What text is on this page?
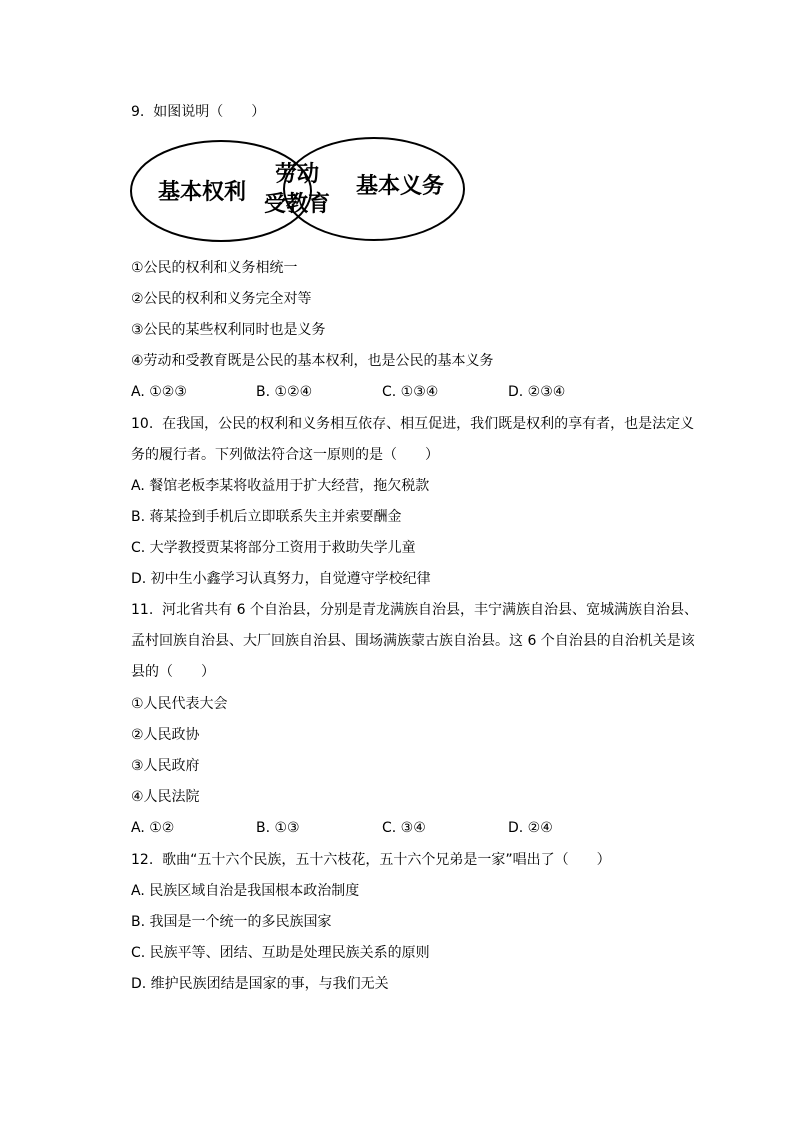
9. 如图说明（　　）
基本权利
劳动
受教育
基本义务
①公民的权利和义务相统一
②公民的权利和义务完全对等
③公民的某些权利同时也是义务
④劳动和受教育既是公民的基本权利，也是公民的基本义务
A. ①②③	B. ①②④	C. ①③④	D. ②③④
10. 在我国，公民的权利和义务相互依存、相互促进，我们既是权利的享有者，也是法定义
务的履行者。下列做法符合这一原则的是（　　）
A. 餐馆老板李某将收益用于扩大经营，拖欠税款
B. 蒋某捡到手机后立即联系失主并索要酬金
C. 大学教授贾某将部分工资用于救助失学儿童
D. 初中生小鑫学习认真努力，自觉遵守学校纪律
11. 河北省共有 6 个自治县，分别是青龙满族自治县，丰宁满族自治县、宽城满族自治县、
孟村回族自治县、大厂回族自治县、围场满族蒙古族自治县。这 6 个自治县的自治机关是该
县的（　　）
①人民代表大会
②人民政协
③人民政府
④人民法院
A. ①②	B. ①③	C. ③④	D. ②④
12. 歌曲“五十六个民族，五十六枝花，五十六个兄弟是一家”唱出了（　　）
A. 民族区域自治是我国根本政治制度
B. 我国是一个统一的多民族国家
C. 民族平等、团结、互助是处理民族关系的原则
D. 维护民族团结是国家的事，与我们无关
